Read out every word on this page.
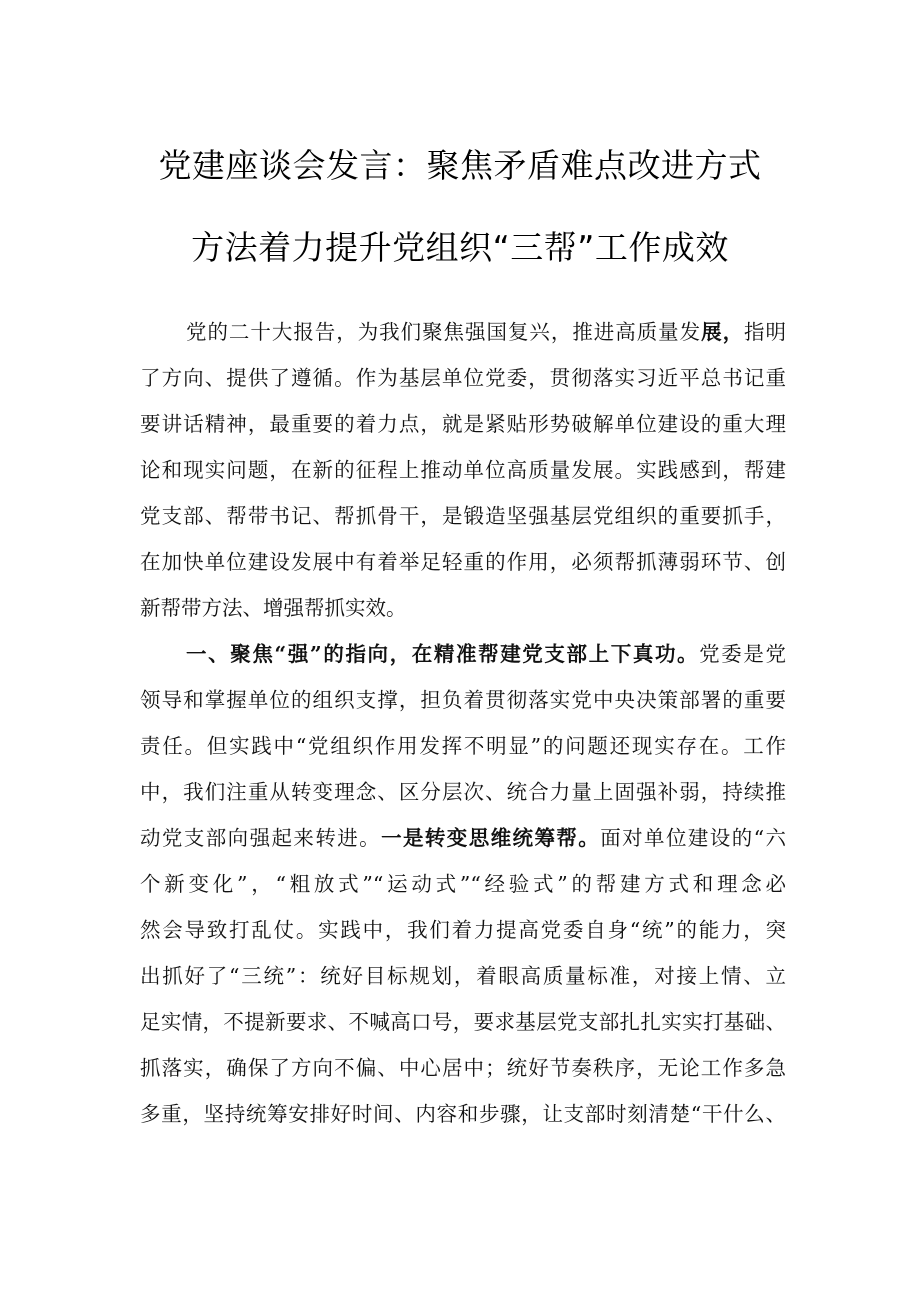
党建座谈会发言：聚焦矛盾难点改进方式
方法着力提升党组织“三帮”工作成效
党的二十大报告，为我们聚焦强国复兴，推进高质量发展，指明
了方向、提供了遵循。作为基层单位党委，贯彻落实习近平总书记重
要讲话精神，最重要的着力点，就是紧贴形势破解单位建设的重大理
论和现实问题，在新的征程上推动单位高质量发展。实践感到，帮建
党支部、帮带书记、帮抓骨干，是锻造坚强基层党组织的重要抓手，
在加快单位建设发展中有着举足轻重的作用，必须帮抓薄弱环节、创
新帮带方法、增强帮抓实效。
一、聚焦“强”的指向，在精准帮建党支部上下真功。党委是党
领导和掌握单位的组织支撑，担负着贯彻落实党中央决策部署的重要
责任。但实践中“党组织作用发挥不明显”的问题还现实存在。工作
中，我们注重从转变理念、区分层次、统合力量上固强补弱，持续推
动党支部向强起来转进。一是转变思维统筹帮。面对单位建设的“六
个新变化”，“粗放式”“运动式”“经验式”的帮建方式和理念必
然会导致打乱仗。实践中，我们着力提高党委自身“统”的能力，突
出抓好了“三统”：统好目标规划，着眼高质量标准，对接上情、立
足实情，不提新要求、不喊高口号，要求基层党支部扎扎实实打基础、
抓落实，确保了方向不偏、中心居中；统好节奏秩序，无论工作多急
多重，坚持统筹安排好时间、内容和步骤，让支部时刻清楚“干什么、
